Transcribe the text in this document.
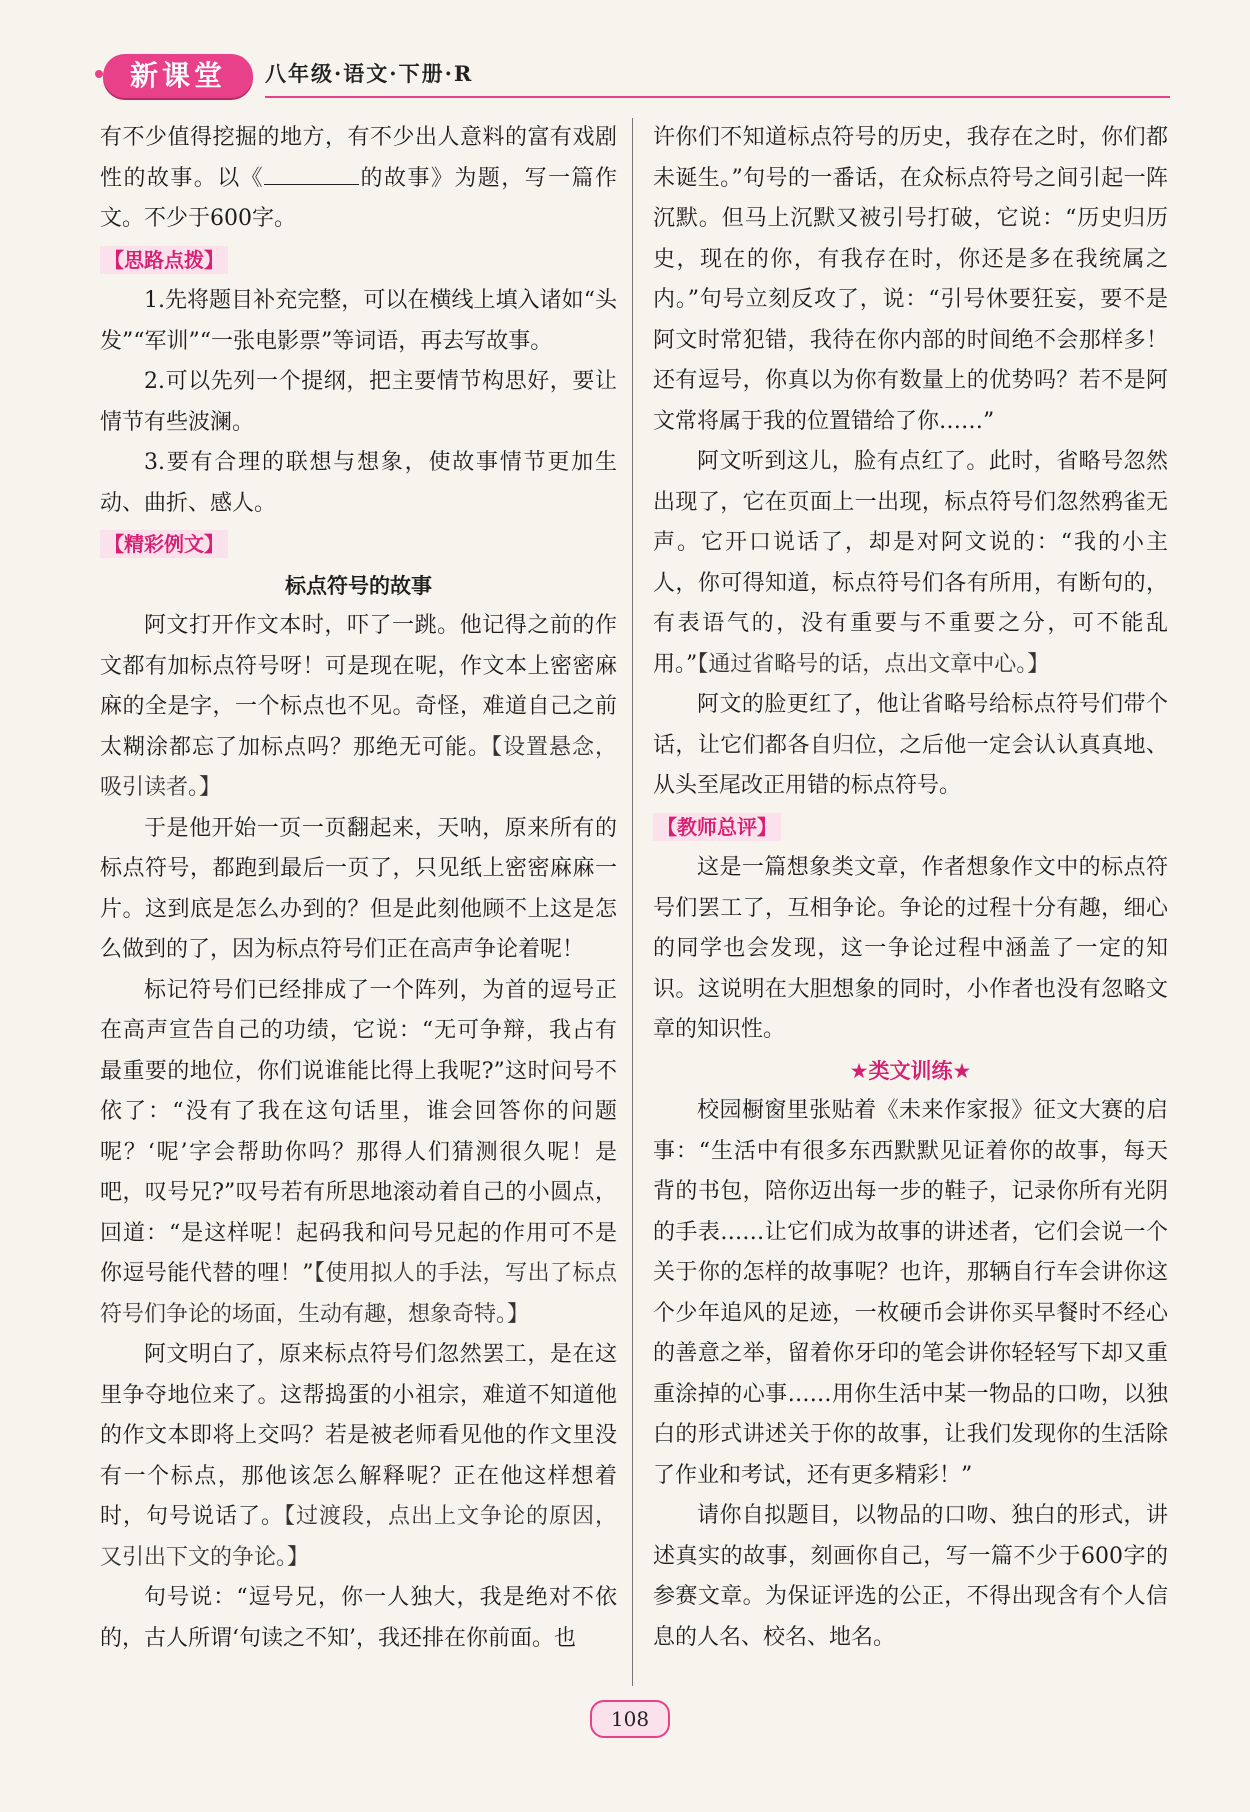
新课堂	八年级·语文·下册·R

有不少值得挖掘的地方，有不少出人意料的富有戏剧性的故事。以《	的故事》为题，写一篇作文。不少于600字。

【思路点拨】

1.先将题目补充完整，可以在横线上填入诸如“头发”“军训”“一张电影票”等词语，再去写故事。

2.可以先列一个提纲，把主要情节构思好，要让情节有些波澜。

3.要有合理的联想与想象，使故事情节更加生动、曲折、感人。

【精彩例文】

标点符号的故事

阿文打开作文本时，吓了一跳。他记得之前的作文都有加标点符号呀！可是现在呢，作文本上密密麻麻的全是字，一个标点也不见。奇怪，难道自己之前太糊涂都忘了加标点吗？那绝无可能。【设置悬念，吸引读者。】

于是他开始一页一页翻起来，天呐，原来所有的标点符号，都跑到最后一页了，只见纸上密密麻麻一片。这到底是怎么办到的？但是此刻他顾不上这是怎么做到的了，因为标点符号们正在高声争论着呢！

标记符号们已经排成了一个阵列，为首的逗号正在高声宣告自己的功绩，它说：“无可争辩，我占有最重要的地位，你们说谁能比得上我呢?”这时问号不依了：“没有了我在这句话里，谁会回答你的问题呢？‘呢’字会帮助你吗？那得人们猜测很久呢！是吧，叹号兄?”叹号若有所思地滚动着自己的小圆点，回道：“是这样呢！起码我和问号兄起的作用可不是你逗号能代替的哩！”【使用拟人的手法，写出了标点符号们争论的场面，生动有趣，想象奇特。】

阿文明白了，原来标点符号们忽然罢工，是在这里争夺地位来了。这帮捣蛋的小祖宗，难道不知道他的作文本即将上交吗？若是被老师看见他的作文里没有一个标点，那他该怎么解释呢？正在他这样想着时，句号说话了。【过渡段，点出上文争论的原因，又引出下文的争论。】

句号说：“逗号兄，你一人独大，我是绝对不依的，古人所谓‘句读之不知’，我还排在你前面。也

许你们不知道标点符号的历史，我存在之时，你们都未诞生。”句号的一番话，在众标点符号之间引起一阵沉默。但马上沉默又被引号打破，它说：“历史归历史，现在的你，有我存在时，你还是多在我统属之内。”句号立刻反攻了，说：“引号休要狂妄，要不是阿文时常犯错，我待在你内部的时间绝不会那样多！还有逗号，你真以为你有数量上的优势吗？若不是阿文常将属于我的位置错给了你……”

阿文听到这儿，脸有点红了。此时，省略号忽然出现了，它在页面上一出现，标点符号们忽然鸦雀无声。它开口说话了，却是对阿文说的：“我的小主人，你可得知道，标点符号们各有所用，有断句的，有表语气的，没有重要与不重要之分，可不能乱用。”【通过省略号的话，点出文章中心。】

阿文的脸更红了，他让省略号给标点符号们带个话，让它们都各自归位，之后他一定会认认真真地、从头至尾改正用错的标点符号。

【教师总评】

这是一篇想象类文章，作者想象作文中的标点符号们罢工了，互相争论。争论的过程十分有趣，细心的同学也会发现，这一争论过程中涵盖了一定的知识。这说明在大胆想象的同时，小作者也没有忽略文章的知识性。

★类文训练★

校园橱窗里张贴着《未来作家报》征文大赛的启事：“生活中有很多东西默默见证着你的故事，每天背的书包，陪你迈出每一步的鞋子，记录你所有光阴的手表……让它们成为故事的讲述者，它们会说一个关于你的怎样的故事呢？也许，那辆自行车会讲你这个少年追风的足迹，一枚硬币会讲你买早餐时不经心的善意之举，留着你牙印的笔会讲你轻轻写下却又重重涂掉的心事……用你生活中某一物品的口吻，以独白的形式讲述关于你的故事，让我们发现你的生活除了作业和考试，还有更多精彩！”

请你自拟题目，以物品的口吻、独白的形式，讲述真实的故事，刻画你自己，写一篇不少于600字的参赛文章。为保证评选的公正，不得出现含有个人信息的人名、校名、地名。

108
